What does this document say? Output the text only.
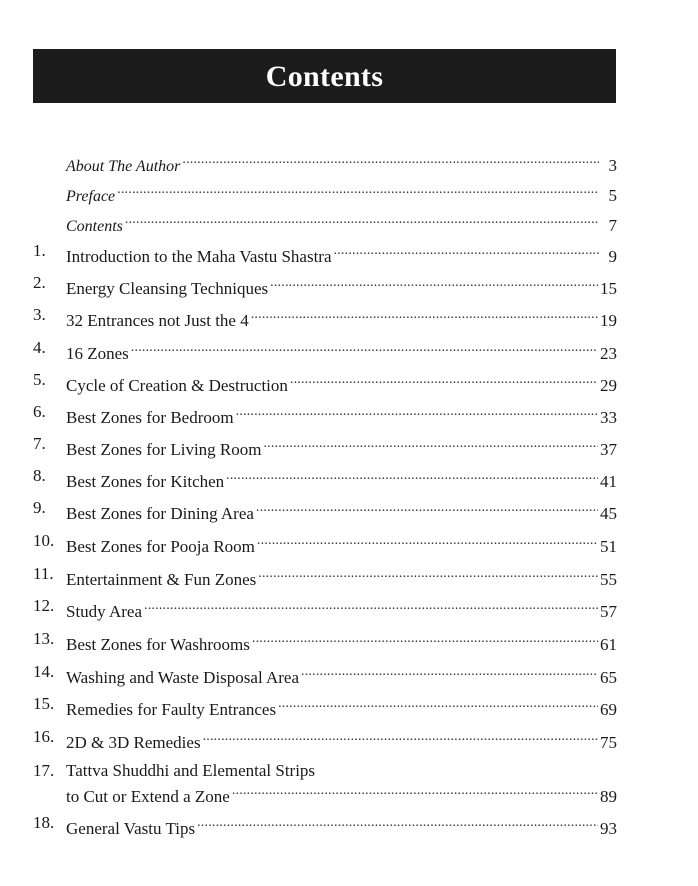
Contents
About The Author .....	3
Preface .....	5
Contents .....	7
1.	Introduction to the Maha Vastu Shastra .....	9
2.	Energy Cleansing Techniques .....	15
3.	32 Entrances not Just the 4 .....	19
4.	16 Zones .....	23
5.	Cycle of Creation & Destruction .....	29
6.	Best Zones for Bedroom .....	33
7.	Best Zones for Living Room .....	37
8.	Best Zones for Kitchen .....	41
9.	Best Zones for Dining Area .....	45
10. Best Zones for Pooja Room .....	51
11. Entertainment & Fun Zones .....	55
12. Study Area .....	57
13. Best Zones for Washrooms .....	61
14. Washing and Waste Disposal Area .....	65
15. Remedies for Faulty Entrances .....	69
16. 2D & 3D Remedies .....	75
17. Tattva Shuddhi and Elemental Strips
to Cut or Extend a Zone .....	89
18. General Vastu Tips .....	93
